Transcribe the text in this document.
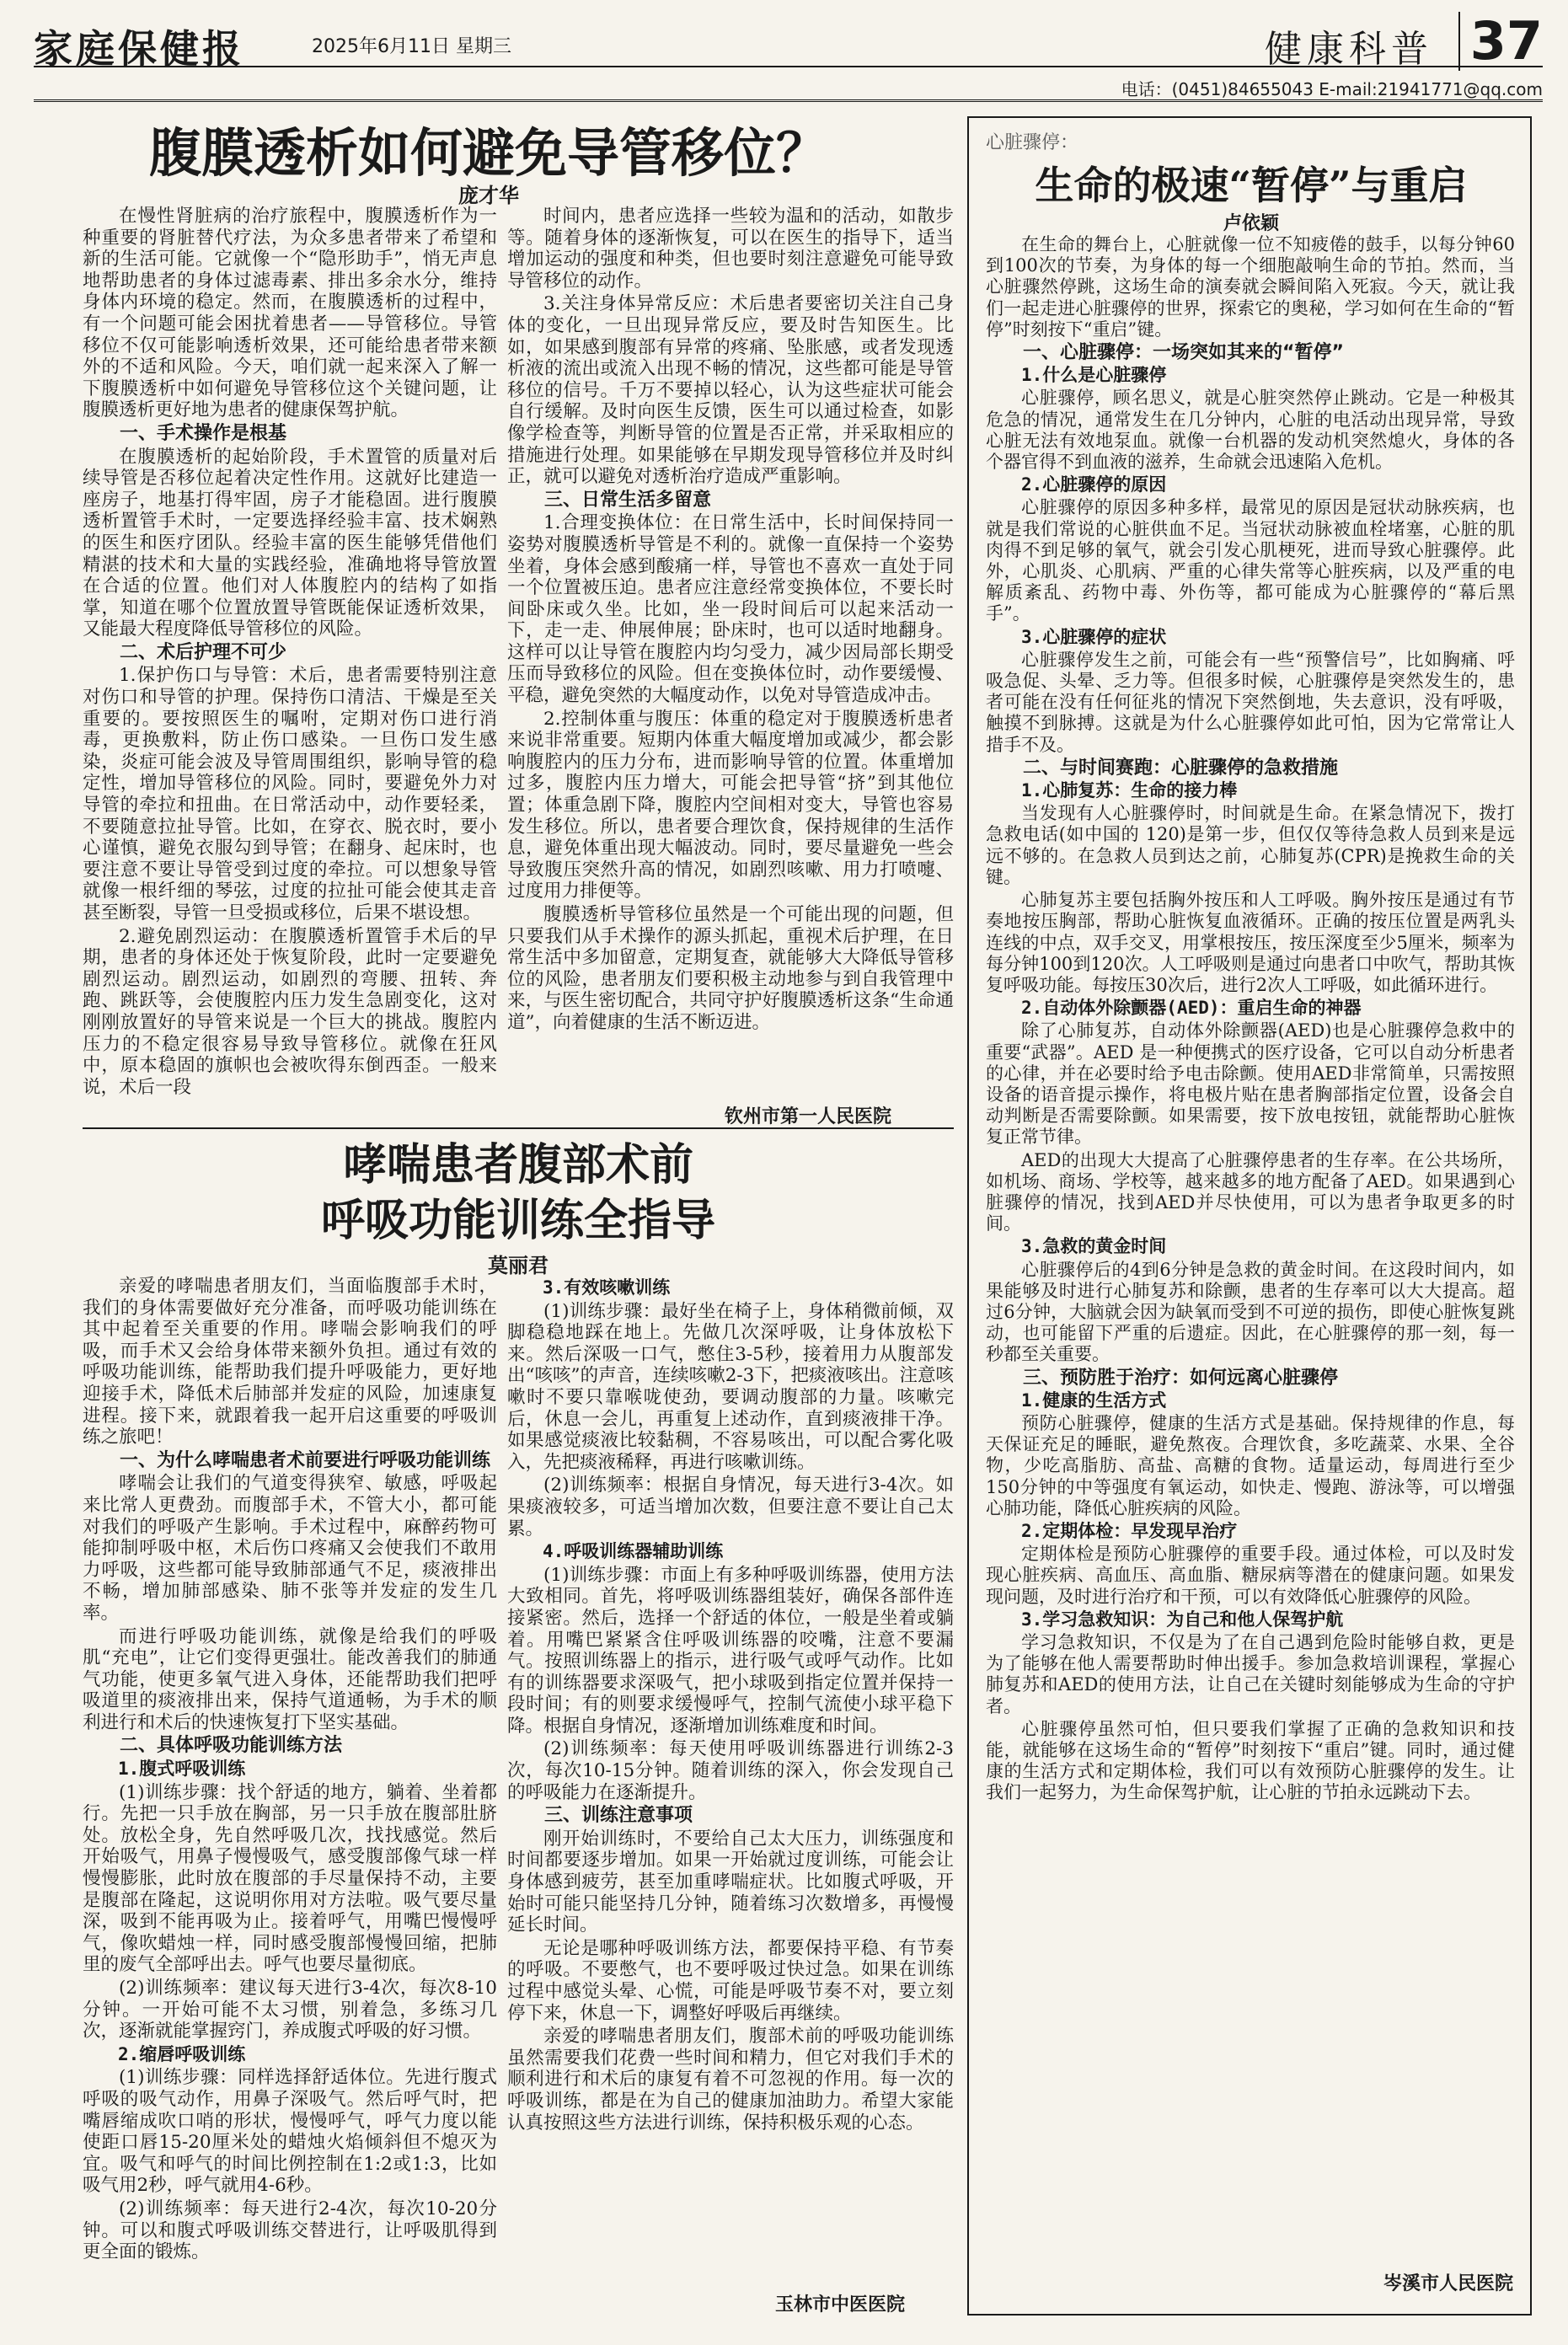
家庭保健报	2025年6月11日 星期三	健康科普 37
电话：(0451)84655043 E-mail:21941771@qq.com
腹膜透析如何避免导管移位？
庞才华

在慢性肾脏病的治疗旅程中，腹膜透析作为一种重要的肾脏替代疗法，为众多患者带来了希望和新的生活可能。它就像一个“隐形助手”，悄无声息地帮助患者的身体过滤毒素、排出多余水分，维持身体内环境的稳定。然而，在腹膜透析的过程中，有一个问题可能会困扰着患者——导管移位。导管移位不仅可能影响透析效果，还可能给患者带来额外的不适和风险。今天，咱们就一起来深入了解一下腹膜透析中如何避免导管移位这个关键问题，让腹膜透析更好地为患者的健康保驾护航。

一、手术操作是根基

在腹膜透析的起始阶段，手术置管的质量对后续导管是否移位起着决定性作用。这就好比建造一座房子，地基打得牢固，房子才能稳固。进行腹膜透析置管手术时，一定要选择经验丰富、技术娴熟的医生和医疗团队。经验丰富的医生能够凭借他们精湛的技术和大量的实践经验，准确地将导管放置在合适的位置。他们对人体腹腔内的结构了如指掌，知道在哪个位置放置导管既能保证透析效果，又能最大程度降低导管移位的风险。

二、术后护理不可少

1.保护伤口与导管：术后，患者需要特别注意对伤口和导管的护理。保持伤口清洁、干燥是至关重要的。要按照医生的嘱咐，定期对伤口进行消毒，更换敷料，防止伤口感染。一旦伤口发生感染，炎症可能会波及导管周围组织，影响导管的稳定性，增加导管移位的风险。同时，要避免外力对导管的牵拉和扭曲。在日常活动中，动作要轻柔，不要随意拉扯导管。比如，在穿衣、脱衣时，要小心谨慎，避免衣服勾到导管；在翻身、起床时，也要注意不要让导管受到过度的牵拉。可以想象导管就像一根纤细的琴弦，过度的拉扯可能会使其走音甚至断裂，导管一旦受损或移位，后果不堪设想。

2.避免剧烈运动：在腹膜透析置管手术后的早期，患者的身体还处于恢复阶段，此时一定要避免剧烈运动。剧烈运动，如剧烈的弯腰、扭转、奔跑、跳跃等，会使腹腔内压力发生急剧变化，这对刚刚放置好的导管来说是一个巨大的挑战。腹腔内压力的不稳定很容易导致导管移位。就像在狂风中，原本稳固的旗帜也会被吹得东倒西歪。一般来说，术后一段

时间内，患者应选择一些较为温和的活动，如散步等。随着身体的逐渐恢复，可以在医生的指导下，适当增加运动的强度和种类，但也要时刻注意避免可能导致导管移位的动作。

3.关注身体异常反应：术后患者要密切关注自己身体的变化，一旦出现异常反应，要及时告知医生。比如，如果感到腹部有异常的疼痛、坠胀感，或者发现透析液的流出或流入出现不畅的情况，这些都可能是导管移位的信号。千万不要掉以轻心，认为这些症状可能会自行缓解。及时向医生反馈，医生可以通过检查，如影像学检查等，判断导管的位置是否正常，并采取相应的措施进行处理。如果能够在早期发现导管移位并及时纠正，就可以避免对透析治疗造成严重影响。

三、日常生活多留意

1.合理变换体位：在日常生活中，长时间保持同一姿势对腹膜透析导管是不利的。就像一直保持一个姿势坐着，身体会感到酸痛一样，导管也不喜欢一直处于同一个位置被压迫。患者应注意经常变换体位，不要长时间卧床或久坐。比如，坐一段时间后可以起来活动一下，走一走、伸展伸展；卧床时，也可以适时地翻身。这样可以让导管在腹腔内均匀受力，减少因局部长期受压而导致移位的风险。但在变换体位时，动作要缓慢、平稳，避免突然的大幅度动作，以免对导管造成冲击。

2.控制体重与腹压：体重的稳定对于腹膜透析患者来说非常重要。短期内体重大幅度增加或减少，都会影响腹腔内的压力分布，进而影响导管的位置。体重增加过多，腹腔内压力增大，可能会把导管“挤”到其他位置；体重急剧下降，腹腔内空间相对变大，导管也容易发生移位。所以，患者要合理饮食，保持规律的生活作息，避免体重出现大幅波动。同时，要尽量避免一些会导致腹压突然升高的情况，如剧烈咳嗽、用力打喷嚏、过度用力排便等。

腹膜透析导管移位虽然是一个可能出现的问题，但只要我们从手术操作的源头抓起，重视术后护理，在日常生活中多加留意，定期复查，就能够大大降低导管移位的风险，患者朋友们要积极主动地参与到自我管理中来，与医生密切配合，共同守护好腹膜透析这条“生命通道”，向着健康的生活不断迈进。

钦州市第一人民医院
哮喘患者腹部术前
呼吸功能训练全指导
莫丽君

亲爱的哮喘患者朋友们，当面临腹部手术时，我们的身体需要做好充分准备，而呼吸功能训练在其中起着至关重要的作用。哮喘会影响我们的呼吸，而手术又会给身体带来额外负担。通过有效的呼吸功能训练，能帮助我们提升呼吸能力，更好地迎接手术，降低术后肺部并发症的风险，加速康复进程。接下来，就跟着我一起开启这重要的呼吸训练之旅吧！

一、为什么哮喘患者术前要进行呼吸功能训练

哮喘会让我们的气道变得狭窄、敏感，呼吸起来比常人更费劲。而腹部手术，不管大小，都可能对我们的呼吸产生影响。手术过程中，麻醉药物可能抑制呼吸中枢，术后伤口疼痛又会使我们不敢用力呼吸，这些都可能导致肺部通气不足，痰液排出不畅，增加肺部感染、肺不张等并发症的发生几率。

而进行呼吸功能训练，就像是给我们的呼吸肌“充电”，让它们变得更强壮。能改善我们的肺通气功能，使更多氧气进入身体，还能帮助我们把呼吸道里的痰液排出来，保持气道通畅，为手术的顺利进行和术后的快速恢复打下坚实基础。

二、具体呼吸功能训练方法
1.腹式呼吸训练

(1)训练步骤：找个舒适的地方，躺着、坐着都行。先把一只手放在胸部，另一只手放在腹部肚脐处。放松全身，先自然呼吸几次，找找感觉。然后开始吸气，用鼻子慢慢吸气，感受腹部像气球一样慢慢膨胀，此时放在腹部的手尽量保持不动，主要是腹部在隆起，这说明你用对方法啦。吸气要尽量深，吸到不能再吸为止。接着呼气，用嘴巴慢慢呼气，像吹蜡烛一样，同时感受腹部慢慢回缩，把肺里的废气全部呼出去。呼气也要尽量彻底。

(2)训练频率：建议每天进行3-4次，每次8-10分钟。一开始可能不太习惯，别着急，多练习几次，逐渐就能掌握窍门，养成腹式呼吸的好习惯。

2.缩唇呼吸训练

(1)训练步骤：同样选择舒适体位。先进行腹式呼吸的吸气动作，用鼻子深吸气。然后呼气时，把嘴唇缩成吹口哨的形状，慢慢呼气，呼气力度以能使距口唇15-20厘米处的蜡烛火焰倾斜但不熄灭为宜。吸气和呼气的时间比例控制在1:2或1:3，比如吸气用2秒，呼气就用4-6秒。

(2)训练频率：每天进行2-4次，每次10-20分钟。可以和腹式呼吸训练交替进行，让呼吸肌得到更全面的锻炼。

3.有效咳嗽训练

(1)训练步骤：最好坐在椅子上，身体稍微前倾，双脚稳稳地踩在地上。先做几次深呼吸，让身体放松下来。然后深吸一口气，憋住3-5秒，接着用力从腹部发出“咳咳”的声音，连续咳嗽2-3下，把痰液咳出。注意咳嗽时不要只靠喉咙使劲，要调动腹部的力量。咳嗽完后，休息一会儿，再重复上述动作，直到痰液排干净。如果感觉痰液比较黏稠，不容易咳出，可以配合雾化吸入，先把痰液稀释，再进行咳嗽训练。

(2)训练频率：根据自身情况，每天进行3-4次。如果痰液较多，可适当增加次数，但要注意不要让自己太累。

4.呼吸训练器辅助训练

(1)训练步骤：市面上有多种呼吸训练器，使用方法大致相同。首先，将呼吸训练器组装好，确保各部件连接紧密。然后，选择一个舒适的体位，一般是坐着或躺着。用嘴巴紧紧含住呼吸训练器的咬嘴，注意不要漏气。按照训练器上的指示，进行吸气或呼气动作。比如有的训练器要求深吸气，把小球吸到指定位置并保持一段时间；有的则要求缓慢呼气，控制气流使小球平稳下降。根据自身情况，逐渐增加训练难度和时间。

(2)训练频率：每天使用呼吸训练器进行训练2-3次，每次10-15分钟。随着训练的深入，你会发现自己的呼吸能力在逐渐提升。

三、训练注意事项

刚开始训练时，不要给自己太大压力，训练强度和时间都要逐步增加。如果一开始就过度训练，可能会让身体感到疲劳，甚至加重哮喘症状。比如腹式呼吸，开始时可能只能坚持几分钟，随着练习次数增多，再慢慢延长时间。

无论是哪种呼吸训练方法，都要保持平稳、有节奏的呼吸。不要憋气，也不要呼吸过快过急。如果在训练过程中感觉头晕、心慌，可能是呼吸节奏不对，要立刻停下来，休息一下，调整好呼吸后再继续。

亲爱的哮喘患者朋友们，腹部术前的呼吸功能训练虽然需要我们花费一些时间和精力，但它对我们手术的顺利进行和术后的康复有着不可忽视的作用。每一次的呼吸训练，都是在为自己的健康加油助力。希望大家能认真按照这些方法进行训练，保持积极乐观的心态。

玉林市中医医院
心脏骤停：
生命的极速“暂停”与重启
卢依颖

在生命的舞台上，心脏就像一位不知疲倦的鼓手，以每分钟60到100次的节奏，为身体的每一个细胞敲响生命的节拍。然而，当心脏骤然停跳，这场生命的演奏就会瞬间陷入死寂。今天，就让我们一起走进心脏骤停的世界，探索它的奥秘，学习如何在生命的“暂停”时刻按下“重启”键。

一、心脏骤停：一场突如其来的“暂停”
1.什么是心脏骤停

心脏骤停，顾名思义，就是心脏突然停止跳动。它是一种极其危急的情况，通常发生在几分钟内，心脏的电活动出现异常，导致心脏无法有效地泵血。就像一台机器的发动机突然熄火，身体的各个器官得不到血液的滋养，生命就会迅速陷入危机。

2.心脏骤停的原因

心脏骤停的原因多种多样，最常见的原因是冠状动脉疾病，也就是我们常说的心脏供血不足。当冠状动脉被血栓堵塞，心脏的肌肉得不到足够的氧气，就会引发心肌梗死，进而导致心脏骤停。此外，心肌炎、心肌病、严重的心律失常等心脏疾病，以及严重的电解质紊乱、药物中毒、外伤等，都可能成为心脏骤停的“幕后黑手”。

3.心脏骤停的症状

心脏骤停发生之前，可能会有一些“预警信号”，比如胸痛、呼吸急促、头晕、乏力等。但很多时候，心脏骤停是突然发生的，患者可能在没有任何征兆的情况下突然倒地，失去意识，没有呼吸，触摸不到脉搏。这就是为什么心脏骤停如此可怕，因为它常常让人措手不及。

二、与时间赛跑：心脏骤停的急救措施
1.心肺复苏：生命的接力棒

当发现有人心脏骤停时，时间就是生命。在紧急情况下，拨打急救电话(如中国的 120)是第一步，但仅仅等待急救人员到来是远远不够的。在急救人员到达之前，心肺复苏(CPR)是挽救生命的关键。

心肺复苏主要包括胸外按压和人工呼吸。胸外按压是通过有节奏地按压胸部，帮助心脏恢复血液循环。正确的按压位置是两乳头连线的中点，双手交叉，用掌根按压，按压深度至少5厘米，频率为每分钟100到120次。人工呼吸则是通过向患者口中吹气，帮助其恢复呼吸功能。每按压30次后，进行2次人工呼吸，如此循环进行。

2.自动体外除颤器(AED)：重启生命的神器

除了心肺复苏，自动体外除颤器(AED)也是心脏骤停急救中的重要“武器”。AED 是一种便携式的医疗设备，它可以自动分析患者的心律，并在必要时给予电击除颤。使用AED非常简单，只需按照设备的语音提示操作，将电极片贴在患者胸部指定位置，设备会自动判断是否需要除颤。如果需要，按下放电按钮，就能帮助心脏恢复正常节律。

AED的出现大大提高了心脏骤停患者的生存率。在公共场所，如机场、商场、学校等，越来越多的地方配备了AED。如果遇到心脏骤停的情况，找到AED并尽快使用，可以为患者争取更多的时间。

3.急救的黄金时间

心脏骤停后的4到6分钟是急救的黄金时间。在这段时间内，如果能够及时进行心肺复苏和除颤，患者的生存率可以大大提高。超过6分钟，大脑就会因为缺氧而受到不可逆的损伤，即使心脏恢复跳动，也可能留下严重的后遗症。因此，在心脏骤停的那一刻，每一秒都至关重要。

三、预防胜于治疗：如何远离心脏骤停
1.健康的生活方式

预防心脏骤停，健康的生活方式是基础。保持规律的作息，每天保证充足的睡眠，避免熬夜。合理饮食，多吃蔬菜、水果、全谷物，少吃高脂肪、高盐、高糖的食物。适量运动，每周进行至少150分钟的中等强度有氧运动，如快走、慢跑、游泳等，可以增强心肺功能，降低心脏疾病的风险。

2.定期体检：早发现早治疗

定期体检是预防心脏骤停的重要手段。通过体检，可以及时发现心脏疾病、高血压、高血脂、糖尿病等潜在的健康问题。如果发现问题，及时进行治疗和干预，可以有效降低心脏骤停的风险。

3.学习急救知识：为自己和他人保驾护航

学习急救知识，不仅是为了在自己遇到危险时能够自救，更是为了能够在他人需要帮助时伸出援手。参加急救培训课程，掌握心肺复苏和AED的使用方法，让自己在关键时刻能够成为生命的守护者。

心脏骤停虽然可怕，但只要我们掌握了正确的急救知识和技能，就能够在这场生命的“暂停”时刻按下“重启”键。同时，通过健康的生活方式和定期体检，我们可以有效预防心脏骤停的发生。让我们一起努力，为生命保驾护航，让心脏的节拍永远跳动下去。

岑溪市人民医院
